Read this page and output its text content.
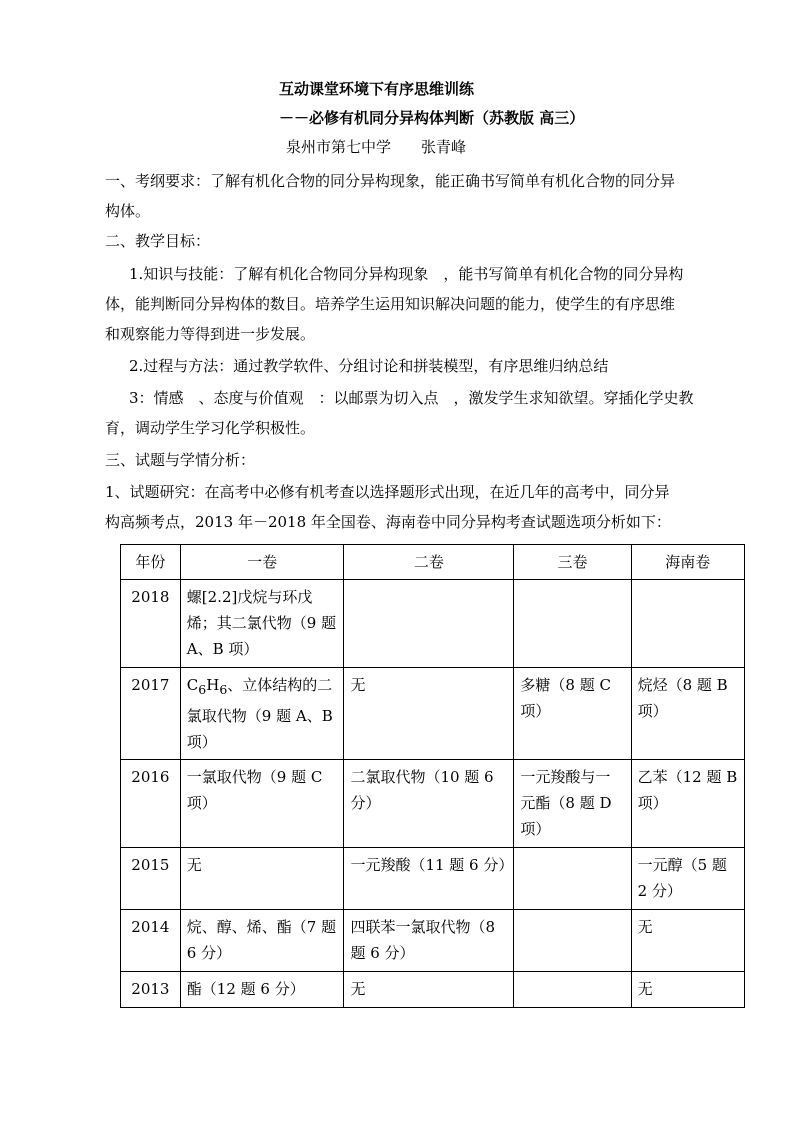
互动课堂环境下有序思维训练
－－必修有机同分异构体判断（苏教版 高三）
泉州市第七中学　　张青峰
一、考纲要求：了解有机化合物的同分异构现象，能正确书写简单有机化合物的同分异
构体。
二、教学目标：
1.知识与技能：了解有机化合物同分异构现象　，能书写简单有机化合物的同分异构
体，能判断同分异构体的数目。培养学生运用知识解决问题的能力，使学生的有序思维
和观察能力等得到进一步发展。
2.过程与方法：通过教学软件、分组讨论和拼装模型，有序思维归纳总结
3：情感　、态度与价值观　：以邮票为切入点　，激发学生求知欲望。穿插化学史教
育，调动学生学习化学积极性。
三、试题与学情分析：
1、试题研究：在高考中必修有机考查以选择题形式出现，在近几年的高考中，同分异
构高频考点，2013 年－2018 年全国卷、海南卷中同分异构考查试题选项分析如下：
年份	一卷	二卷	三卷	海南卷
2018	螺[2.2]戊烷与环戊烯；其二氯代物（9 题 A、B 项）			
2017	$C_6H_6$、立体结构的二氯取代物（9 题 A、B 项）	无	多糖（8 题 C 项）	烷烃（8 题 B 项）
2016	一氯取代物（9 题 C 项）	二氯取代物（10 题 6 分）	一元羧酸与一元酯（8 题 D 项）	乙苯（12 题 B 项）
2015	无	一元羧酸（11 题 6 分）		一元醇（5 题 2 分）
2014	烷、醇、烯、酯（7 题 6 分）	四联苯一氯取代物（8 题 6 分）		无
2013	酯（12 题 6 分）	无		无
